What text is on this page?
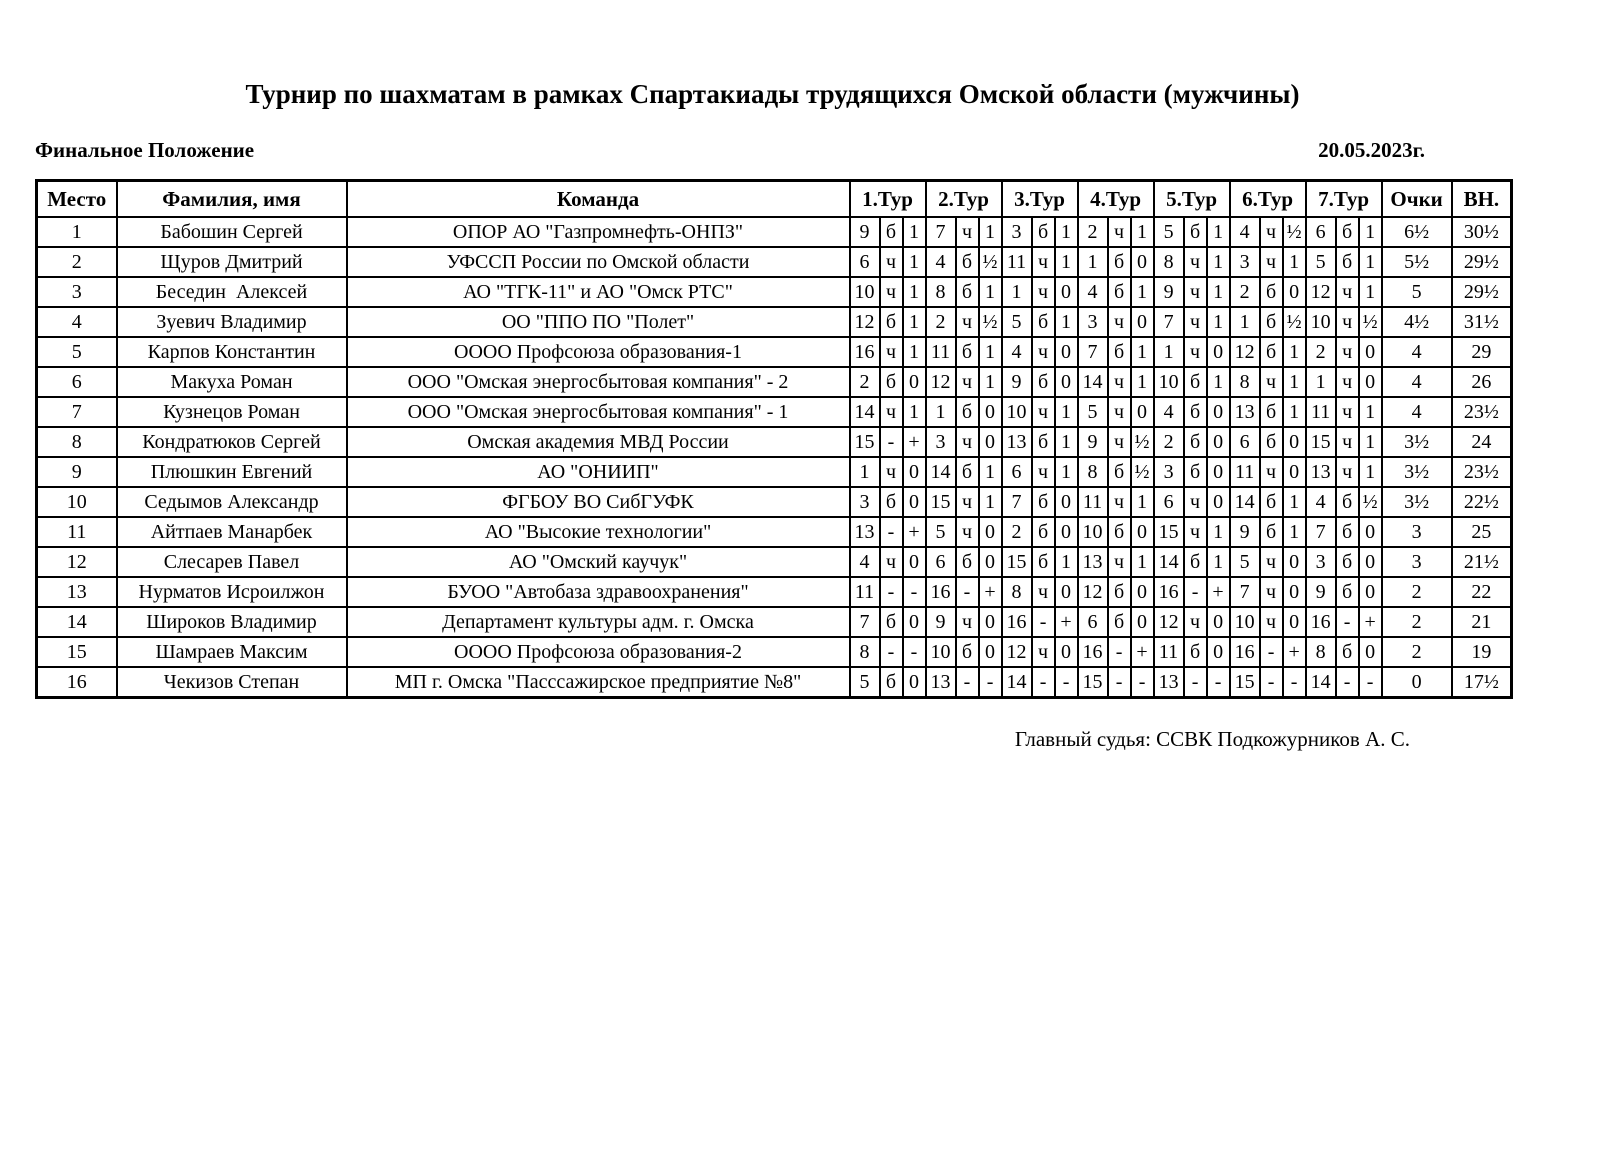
Турнир по шахматам в рамках Спартакиады трудящихся Омской области (мужчины)
Финальное Положение	20.05.2023г.
Место	Фамилия, имя	Команда	1.Тур			2.Тур			3.Тур			4.Тур			5.Тур			6.Тур			7.Тур			Очки	ВН.
1	Бабошин Сергей	ОПОР АО "Газпромнефть-ОНПЗ"	9	б	1	7	ч	1	3	б	1	2	ч	1	5	б	1	4	ч	½	6	б	1	6½	30½
2	Щуров Дмитрий	УФССП России по Омской области	6	ч	1	4	б	½	11	ч	1	1	б	0	8	ч	1	3	ч	1	5	б	1	5½	29½
3	Беседин  Алексей	АО "ТГК-11" и АО "Омск РТС"	10	ч	1	8	б	1	1	ч	0	4	б	1	9	ч	1	2	б	0	12	ч	1	5	29½
4	Зуевич Владимир	ОО "ППО ПО "Полет"	12	б	1	2	ч	½	5	б	1	3	ч	0	7	ч	1	1	б	½	10	ч	½	4½	31½
5	Карпов Константин	ОООО Профсоюза образования-1	16	ч	1	11	б	1	4	ч	0	7	б	1	1	ч	0	12	б	1	2	ч	0	4	29
6	Макуха Роман	ООО "Омская энергосбытовая компания" - 2	2	б	0	12	ч	1	9	б	0	14	ч	1	10	б	1	8	ч	1	1	ч	0	4	26
7	Кузнецов Роман	ООО "Омская энергосбытовая компания" - 1	14	ч	1	1	б	0	10	ч	1	5	ч	0	4	б	0	13	б	1	11	ч	1	4	23½
8	Кондратюков Сергей	Омская академия МВД России	15	-	+	3	ч	0	13	б	1	9	ч	½	2	б	0	6	б	0	15	ч	1	3½	24
9	Плюшкин Евгений	АО "ОНИИП"	1	ч	0	14	б	1	6	ч	1	8	б	½	3	б	0	11	ч	0	13	ч	1	3½	23½
10	Седымов Александр	ФГБОУ ВО СибГУФК	3	б	0	15	ч	1	7	б	0	11	ч	1	6	ч	0	14	б	1	4	б	½	3½	22½
11	Айтпаев Манарбек	АО "Высокие технологии"	13	-	+	5	ч	0	2	б	0	10	б	0	15	ч	1	9	б	1	7	б	0	3	25
12	Слесарев Павел	АО "Омский каучук"	4	ч	0	6	б	0	15	б	1	13	ч	1	14	б	1	5	ч	0	3	б	0	3	21½
13	Нурматов Исроилжон	БУОО "Автобаза здравоохранения"	11	-	-	16	-	+	8	ч	0	12	б	0	16	-	+	7	ч	0	9	б	0	2	22
14	Широков Владимир	Департамент культуры адм. г. Омска	7	б	0	9	ч	0	16	-	+	6	б	0	12	ч	0	10	ч	0	16	-	+	2	21
15	Шамраев Максим	ОООО Профсоюза образования-2	8	-	-	10	б	0	12	ч	0	16	-	+	11	б	0	16	-	+	8	б	0	2	19
16	Чекизов Степан	МП г. Омска "Пасссажирское предприятие №8"	5	б	0	13	-	-	14	-	-	15	-	-	13	-	-	15	-	-	14	-	-	0	17½
Главный судья: ССВК Подкожурников А. С.
